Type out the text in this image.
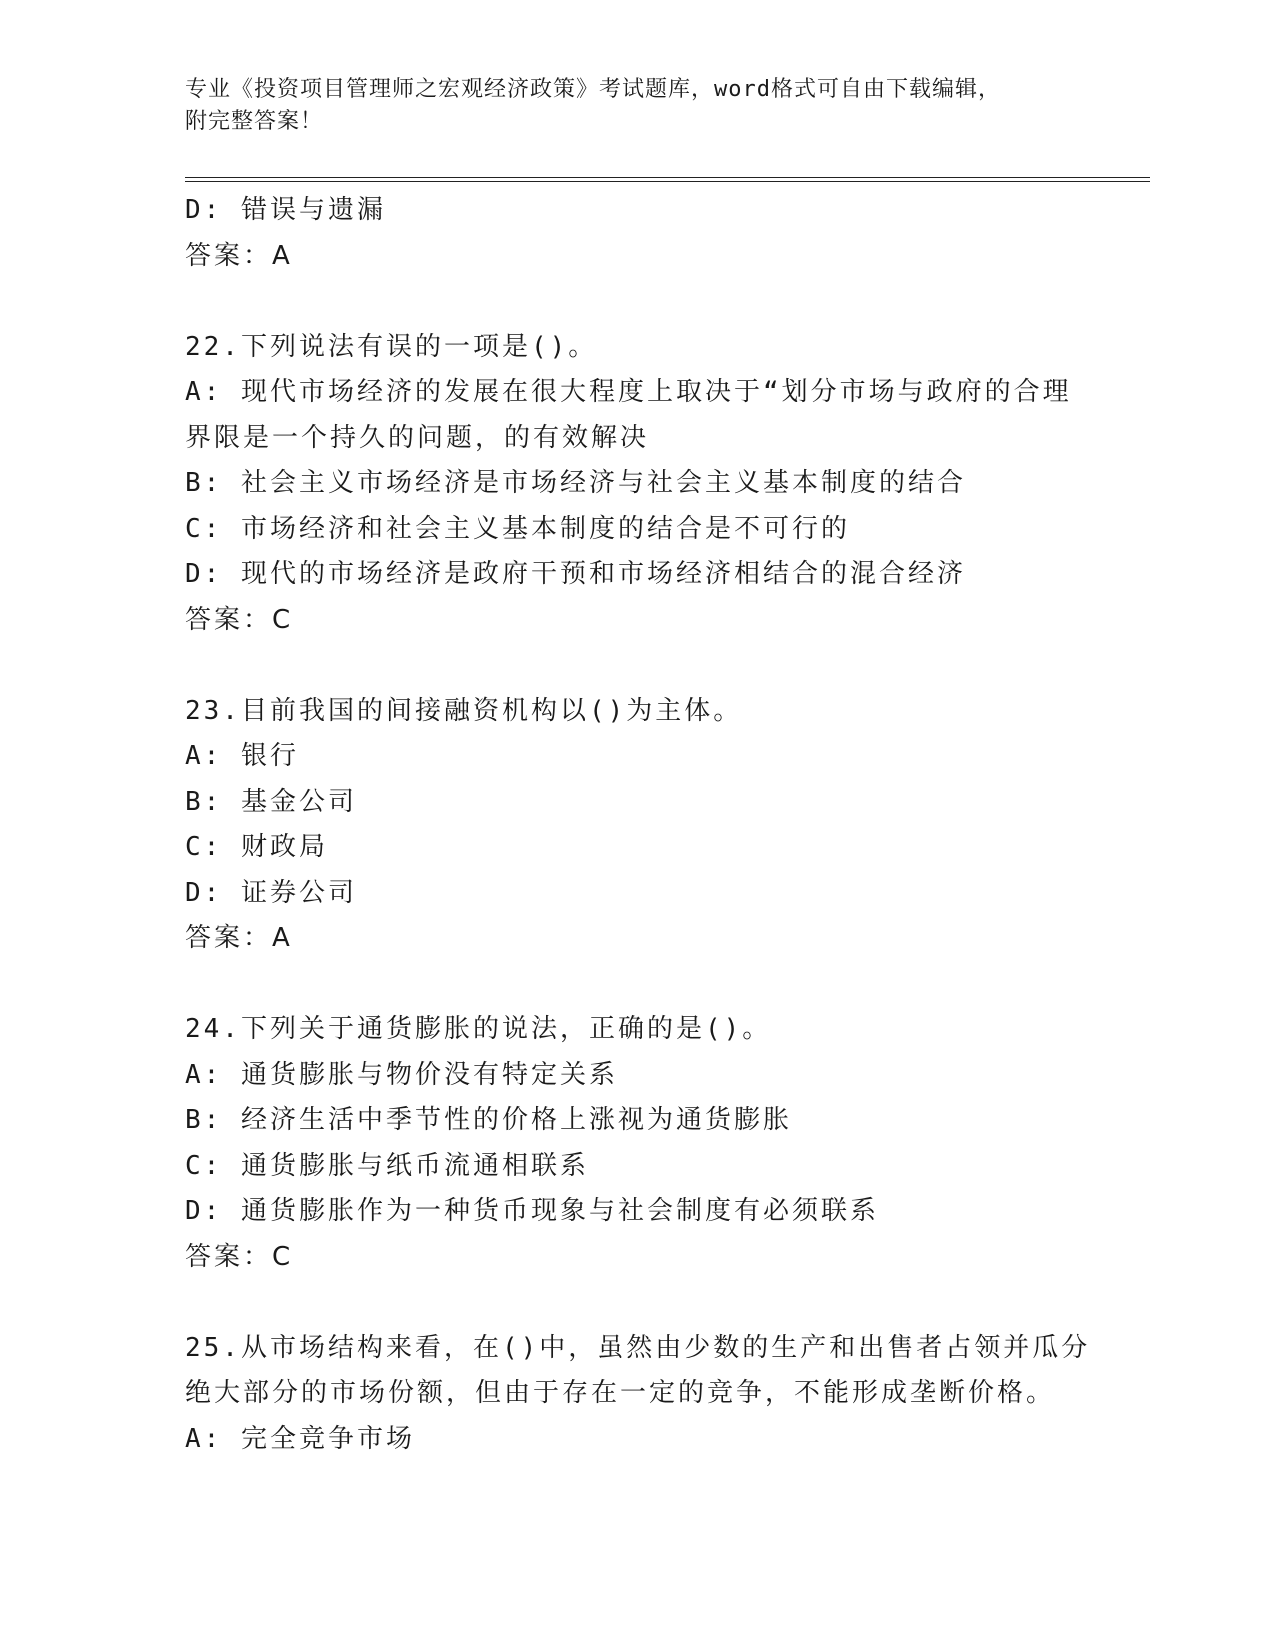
专业《投资项目管理师之宏观经济政策》考试题库，word格式可自由下载编辑，
附完整答案！
D: 错误与遗漏
答案：A
22.下列说法有误的一项是()。
A: 现代市场经济的发展在很大程度上取决于“划分市场与政府的合理
界限是一个持久的问题，的有效解决
B: 社会主义市场经济是市场经济与社会主义基本制度的结合
C: 市场经济和社会主义基本制度的结合是不可行的
D: 现代的市场经济是政府干预和市场经济相结合的混合经济
答案：C
23.目前我国的间接融资机构以()为主体。
A: 银行
B: 基金公司
C: 财政局
D: 证券公司
答案：A
24.下列关于通货膨胀的说法，正确的是()。
A: 通货膨胀与物价没有特定关系
B: 经济生活中季节性的价格上涨视为通货膨胀
C: 通货膨胀与纸币流通相联系
D: 通货膨胀作为一种货币现象与社会制度有必须联系
答案：C
25.从市场结构来看，在()中，虽然由少数的生产和出售者占领并瓜分
绝大部分的市场份额，但由于存在一定的竞争，不能形成垄断价格。
A: 完全竞争市场
